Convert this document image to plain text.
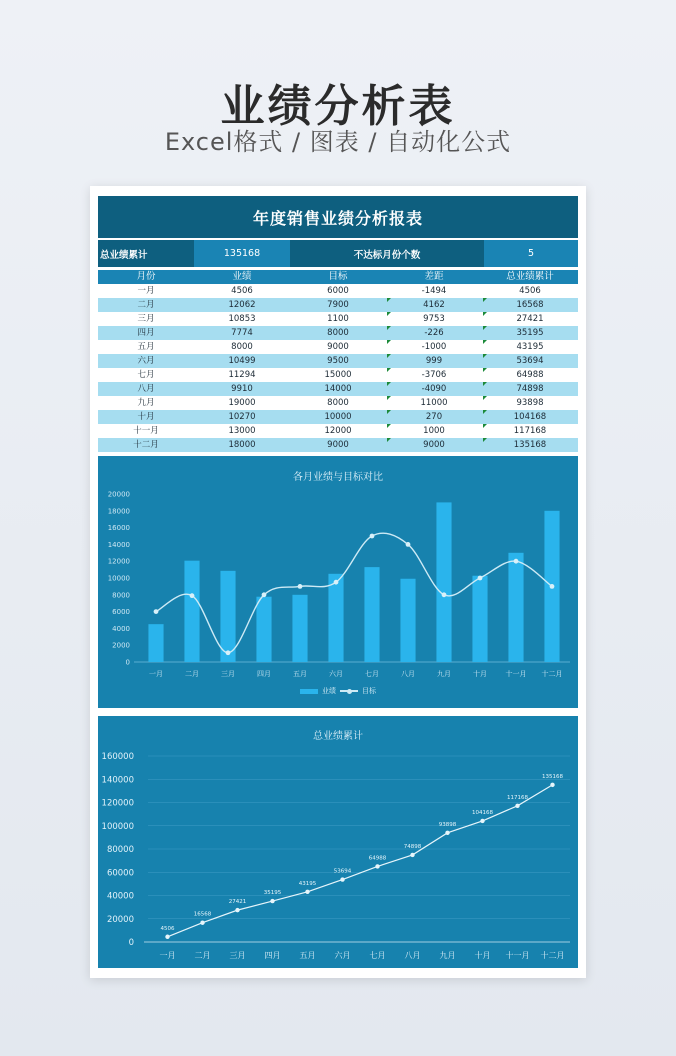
业绩分析表
Excel格式 / 图表 / 自动化公式
年度销售业绩分析报表
总业绩累计	135168	不达标月份个数	5
月份	业绩	目标	差距	总业绩累计
一月	4506	6000	-1494	4506
二月	12062	7900	4162	16568
三月	10853	1100	9753	27421
四月	7774	8000	-226	35195
五月	8000	9000	-1000	43195
六月	10499	9500	999	53694
七月	11294	15000	-3706	64988
八月	9910	14000	-4090	74898
九月	19000	8000	11000	93898
十月	10270	10000	270	104168
十一月	13000	12000	1000	117168
十二月	18000	9000	9000	135168
各月业绩与目标对比
20000
18000
16000
14000
12000
10000
8000
6000
4000
2000
0
一月	二月	三月	四月	五月	六月	七月	八月	九月	十月	十一月 十二月
业绩	目标
总业绩累计
160000
140000
120000
100000
80000
60000
40000
20000
0
一月 二月 三月 四月 五月 六月 七月 八月 九月 十月 十一月 十二月
4506
16568
27421
35195
43195
53694
64988
74898
93898
104168
117168
135168
